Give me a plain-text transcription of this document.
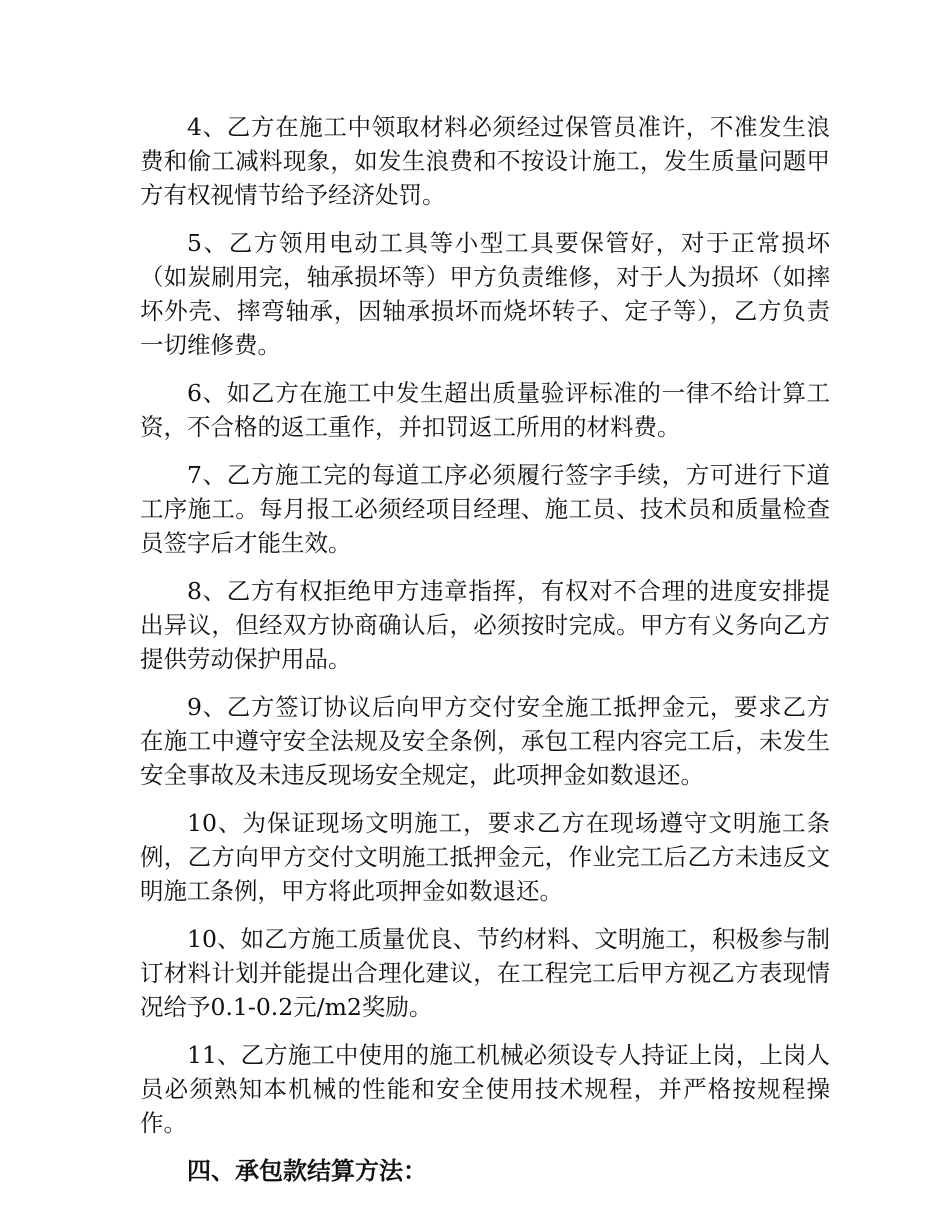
4、乙方在施工中领取材料必须经过保管员准许，不准发生浪费和偷工减料现象，如发生浪费和不按设计施工，发生质量问题甲方有权视情节给予经济处罚。

5、乙方领用电动工具等小型工具要保管好，对于正常损坏（如炭刷用完，轴承损坏等）甲方负责维修，对于人为损坏（如摔坏外壳、摔弯轴承，因轴承损坏而烧坏转子、定子等），乙方负责一切维修费。

6、如乙方在施工中发生超出质量验评标准的一律不给计算工资，不合格的返工重作，并扣罚返工所用的材料费。

7、乙方施工完的每道工序必须履行签字手续，方可进行下道工序施工。每月报工必须经项目经理、施工员、技术员和质量检查员签字后才能生效。

8、乙方有权拒绝甲方违章指挥，有权对不合理的进度安排提出异议，但经双方协商确认后，必须按时完成。甲方有义务向乙方提供劳动保护用品。

9、乙方签订协议后向甲方交付安全施工抵押金元，要求乙方在施工中遵守安全法规及安全条例，承包工程内容完工后，未发生安全事故及未违反现场安全规定，此项押金如数退还。

10、为保证现场文明施工，要求乙方在现场遵守文明施工条例，乙方向甲方交付文明施工抵押金元，作业完工后乙方未违反文明施工条例，甲方将此项押金如数退还。

10、如乙方施工质量优良、节约材料、文明施工，积极参与制订材料计划并能提出合理化建议，在工程完工后甲方视乙方表现情况给予0.1-0.2元/m2奖励。

11、乙方施工中使用的施工机械必须设专人持证上岗，上岗人员必须熟知本机械的性能和安全使用技术规程，并严格按规程操作。

四、承包款结算方法：
